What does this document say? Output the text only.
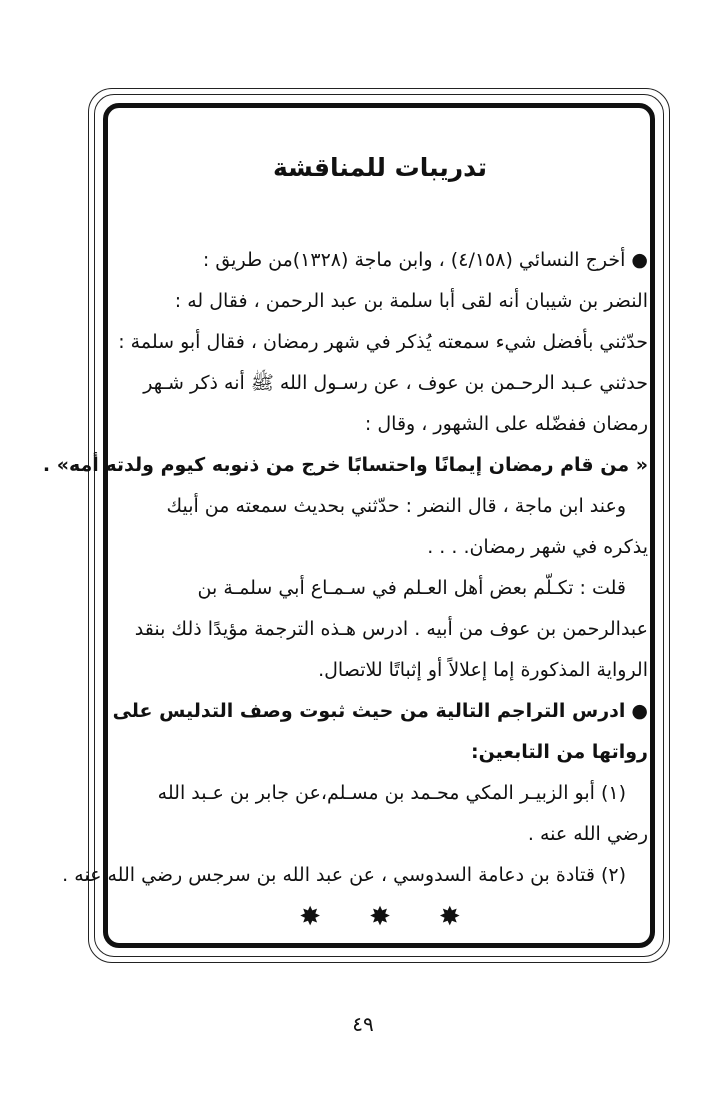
تدريبات للمناقشة
●أخرج النسائي (٤/١٥٨) ، وابن ماجة (١٣٢٨)من طريق :
النضر بن شيبان أنه لقى أبا سلمة بن عبد الرحمن ، فقال له :
حدّثني بأفضل شيء سمعته يُذكر في شهر رمضان ، فقال أبو سلمة :
حدثني عـبد الرحـمن بن عوف ، عن رسـول الله ﷺ أنه ذكر شـهر
رمضان ففضّله على الشهور ، وقال :
« من قام رمضان إيمانًا واحتسابًا خرج من ذنوبه كيوم ولدته أمه» .
وعند ابن ماجة ، قال النضر : حدّثني بحديث سمعته من أبيك
يذكره في شهر رمضان. . . .
قلت : تكـلّم بعض أهل العـلم في سـمـاع أبي سلمـة بن
عبدالرحمن بن عوف من أبيه . ادرس هـذه الترجمة مؤيدًا ذلك بنقد
الرواية المذكورة إما إعلالاً أو إثباتًا للاتصال.
●ادرس التراجم التالية من حيث ثبوت وصف التدليس على
رواتها من التابعين:
(١) أبو الزبيـر المكي محـمد بن مسـلم،عن جابر بن عـبد الله
رضي الله عنه .
(٢) قتادة بن دعامة السدوسي ، عن عبد الله بن سرجس رضي الله عنه .
✸ ✸ ✸
٤٩
